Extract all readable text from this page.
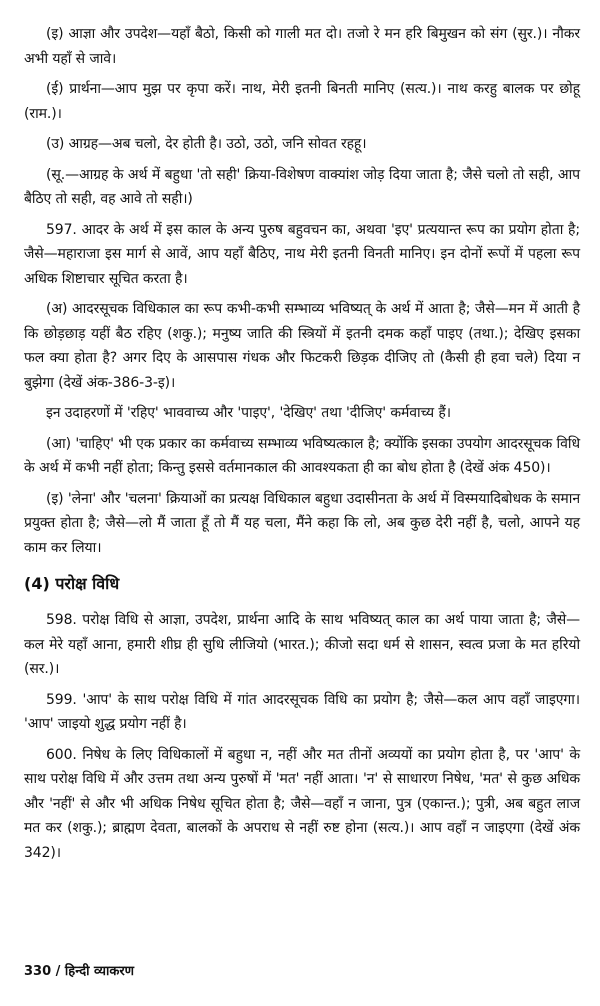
(इ) आज्ञा और उपदेश—यहाँ बैठो, किसी को गाली मत दो। तजो रे मन हरि बिमुखन को संग (सुर.)। नौकर अभी यहाँ से जावे।

(ई) प्रार्थना—आप मुझ पर कृपा करें। नाथ, मेरी इतनी बिनती मानिए (सत्य.)। नाथ करहु बालक पर छोहू (राम.)।

(उ) आग्रह—अब चलो, देर होती है। उठो, उठो, जनि सोवत रहहू।

(सू.—आग्रह के अर्थ में बहुधा 'तो सही' क्रिया-विशेषण वाक्यांश जोड़ दिया जाता है; जैसे चलो तो सही, आप बैठिए तो सही, वह आवे तो सही।)

597. आदर के अर्थ में इस काल के अन्य पुरुष बहुवचन का, अथवा 'इए' प्रत्ययान्त रूप का प्रयोग होता है; जैसे—महाराजा इस मार्ग से आवें, आप यहाँ बैठिए, नाथ मेरी इतनी विनती मानिए। इन दोनों रूपों में पहला रूप अधिक शिष्टाचार सूचित करता है।

(अ) आदरसूचक विधिकाल का रूप कभी-कभी सम्भाव्य भविष्यत् के अर्थ में आता है; जैसे—मन में आती है कि छोड़छाड़ यहीं बैठ रहिए (शकु.); मनुष्य जाति की स्त्रियों में इतनी दमक कहाँ पाइए (तथा.); देखिए इसका फल क्या होता है? अगर दिए के आसपास गंधक और फिटकरी छिड़क दीजिए तो (कैसी ही हवा चले) दिया न बुझेगा (देखें अंक-386-3-इ)।

इन उदाहरणों में 'रहिए' भाववाच्य और 'पाइए', 'देखिए' तथा 'दीजिए' कर्मवाच्य हैं।

(आ) 'चाहिए' भी एक प्रकार का कर्मवाच्य सम्भाव्य भविष्यत्काल है; क्योंकि इसका उपयोग आदरसूचक विधि के अर्थ में कभी नहीं होता; किन्तु इससे वर्तमानकाल की आवश्यकता ही का बोध होता है (देखें अंक 450)।

(इ) 'लेना' और 'चलना' क्रियाओं का प्रत्यक्ष विधिकाल बहुधा उदासीनता के अर्थ में विस्मयादिबोधक के समान प्रयुक्त होता है; जैसे—लो मैं जाता हूँ तो मैं यह चला, मैंने कहा कि लो, अब कुछ देरी नहीं है, चलो, आपने यह काम कर लिया।

(4) परोक्ष विधि

598. परोक्ष विधि से आज्ञा, उपदेश, प्रार्थना आदि के साथ भविष्यत् काल का अर्थ पाया जाता है; जैसे—कल मेरे यहाँ आना, हमारी शीघ्र ही सुधि लीजियो (भारत.); कीजो सदा धर्म से शासन, स्वत्व प्रजा के मत हरियो (सर.)।

599. 'आप' के साथ परोक्ष विधि में गांत आदरसूचक विधि का प्रयोग है; जैसे—कल आप वहाँ जाइएगा। 'आप' जाइयो शुद्ध प्रयोग नहीं है।

600. निषेध के लिए विधिकालों में बहुधा न, नहीं और मत तीनों अव्ययों का प्रयोग होता है, पर 'आप' के साथ परोक्ष विधि में और उत्तम तथा अन्य पुरुषों में 'मत' नहीं आता। 'न' से साधारण निषेध, 'मत' से कुछ अधिक और 'नहीं' से और भी अधिक निषेध सूचित होता है; जैसे—वहाँ न जाना, पुत्र (एकान्त.); पुत्री, अब बहुत लाज मत कर (शकु.); ब्राह्मण देवता, बालकों के अपराध से नहीं रुष्ट होना (सत्य.)। आप वहाँ न जाइएगा (देखें अंक 342)।

330 / हिन्दी व्याकरण
